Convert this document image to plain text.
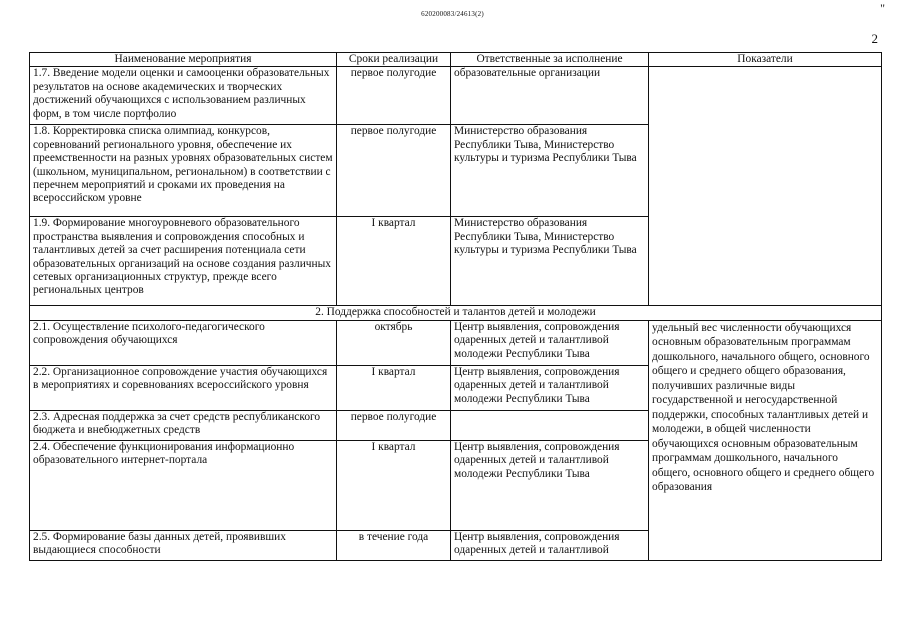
620200083/24613(2)	"
2
Наименование мероприятия	Сроки реализации	Ответственные за исполнение	Показатели
1.7. Введение модели оценки и самооценки образовательных результатов на основе академических и творческих достижений обучающихся с использованием различных форм, в том числе портфолио	первое полугодие	образовательные организации	
1.8. Корректировка списка олимпиад, конкурсов, соревнований регионального уровня, обеспечение их преемственности на разных уровнях образовательных систем (школьном, муниципальном, региональном) в соответствии с перечнем мероприятий и сроками их проведения на всероссийском уровне	первое полугодие	Министерство образования Республики Тыва, Министерство культуры и туризма Республики Тыва	
1.9. Формирование многоуровневого образовательного пространства выявления и сопровождения способных и талантливых детей за счет расширения потенциала сети образовательных организаций на основе создания различных сетевых организационных структур, прежде всего региональных центров	I квартал	Министерство образования Республики Тыва, Министерство культуры и туризма Республики Тыва	
2. Поддержка способностей и талантов детей и молодежи			
2.1. Осуществление психолого-педагогического сопровождения обучающихся	октябрь	Центр выявления, сопровождения одаренных детей и талантливой молодежи Республики Тыва	удельный вес численности обучающихся основным образовательным программам дошкольного, начального общего, основного общего и среднего общего образования, получивших различные виды государственной и негосударственной поддержки, способных талантливых детей и молодежи, в общей численности обучающихся основным образовательным программам дошкольного, начального общего, основного общего и среднего общего образования
2.2. Организационное сопровождение участия обучающихся в мероприятиях и соревнованиях всероссийского уровня	I квартал	Центр выявления, сопровождения одаренных детей и талантливой молодежи Республики Тыва	
2.3. Адресная поддержка за счет средств республиканского бюджета и внебюджетных средств	первое полугодие		
2.4. Обеспечение функционирования информационно образовательного интернет-портала	I квартал	Центр выявления, сопровождения одаренных детей и талантливой молодежи Республики Тыва	
2.5. Формирование базы данных детей, проявивших выдающиеся способности	в течение года	Центр выявления, сопровождения одаренных детей и талантливой	
